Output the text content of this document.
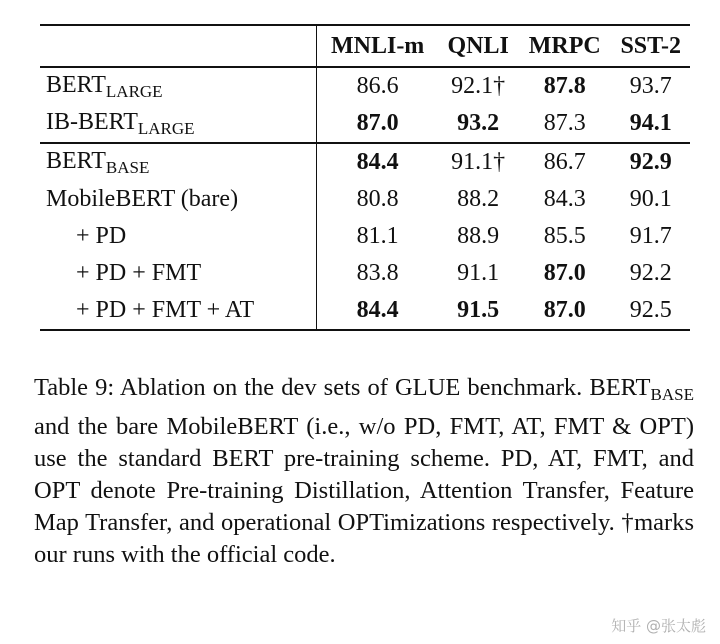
	MNLI-m	QNLI	MRPC	SST-2
$BERT_{LARGE}$	86.6	92.1†	87.8	93.7
$IB-BERT_{LARGE}$	87.0	93.2	87.3	94.1
$BERT_{BASE}$	84.4	91.1†	86.7	92.9
MobileBERT (bare)	80.8	88.2	84.3	90.1
+ PD	81.1	88.9	85.5	91.7
+ PD + FMT	83.8	91.1	87.0	92.2
+ PD + FMT + AT	84.4	91.5	87.0	92.5
Table 9: Ablation on the dev sets of GLUE benchmark. $BERT_{BASE}$ and the bare MobileBERT (i.e., w/o PD, FMT, AT, FMT & OPT) use the standard BERT pre-training scheme. PD, AT, FMT, and OPT denote Pre-training Distillation, Attention Transfer, Feature Map Transfer, and operational OPTimizations respectively. †marks our runs with the official code.
知乎 @张太彪
